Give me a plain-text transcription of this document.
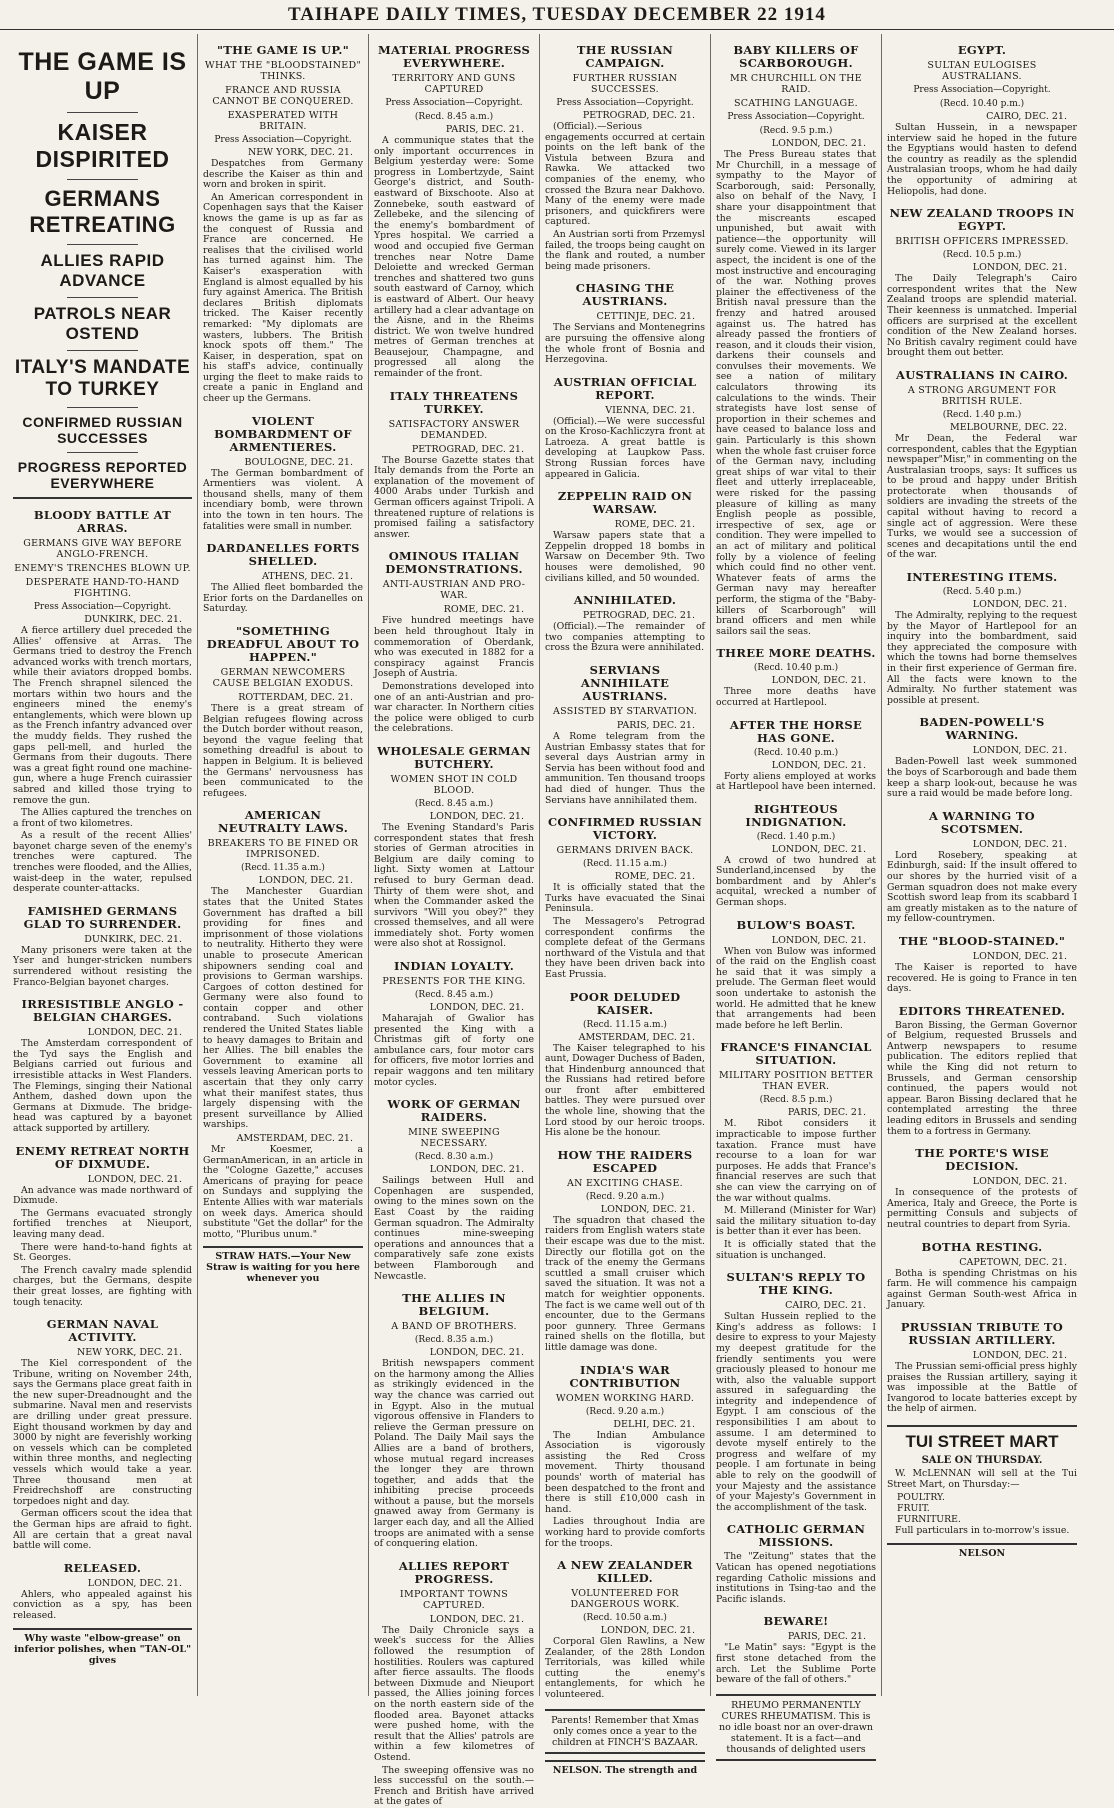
TAIHAPE DAILY TIMES, TUESDAY DECEMBER 22 1914
THE GAME IS UP
KAISER DISPIRITED
GERMANS RETREATING
ALLIES RAPID ADVANCE
PATROLS NEAR OSTEND
ITALY'S MANDATE TO TURKEY
CONFIRMED RUSSIAN SUCCESSES
PROGRESS REPORTED EVERYWHERE
BLOODY BATTLE AT ARRAS.
GERMANS GIVE WAY BEFORE ANGLO-FRENCH.
ENEMY'S TRENCHES BLOWN UP.
DESPERATE HAND-TO-HAND FIGHTING.
Press Association—Copyright.
DUNKIRK, DEC. 21.

A fierce artillery duel preceded the Allies' offensive at Arras. The Germans tried to destroy the French advanced works with trench mortars, while their aviators dropped bombs. The French shrapnel silenced the mortars within two hours and the engineers mined the enemy's entanglements, which were blown up as the French infantry advanced over the muddy fields. They rushed the gaps pell-mell, and hurled the Germans from their dugouts. There was a great fight round one machine-gun, where a huge French cuirassier sabred and killed those trying to remove the gun.

The Allies captured the trenches on a front of two kilometres.

As a result of the recent Allies' bayonet charge seven of the enemy's trenches were captured. The trenches were flooded, and the Allies, waist-deep in the water, repulsed desperate counter-attacks.

FAMISHED GERMANS GLAD TO SURRENDER.
DUNKIRK, DEC. 21.

Many prisoners were taken at the Yser and hunger-stricken numbers surrendered without resisting the Franco-Belgian bayonet charges.

IRRESISTIBLE ANGLO - BELGIAN CHARGES.
LONDON, DEC. 21.

The Amsterdam correspondent of the Tyd says the English and Belgians carried out furious and irresistible attacks in West Flanders. The Flemings, singing their National Anthem, dashed down upon the Germans at Dixmude. The bridge-head was captured by a bayonet attack supported by artillery.

ENEMY RETREAT NORTH OF DIXMUDE.
LONDON, DEC. 21.

An advance was made northward of Dixmude.

The Germans evacuated strongly fortified trenches at Nieuport, leaving many dead.

There were hand-to-hand fights at St. Georges.

The French cavalry made splendid charges, but the Germans, despite their great losses, are fighting with tough tenacity.

GERMAN NAVAL ACTIVITY.
NEW YORK, DEC. 21.

The Kiel correspondent of the Tribune, writing on November 24th, says the Germans place great faith in the new super-Dreadnought and the submarine. Naval men and reservists are drilling under great pressure. Eight thousand workmen by day and 3000 by night are feverishly working on vessels which can be completed within three months, and neglecting vessels which would take a year. Three thousand men at Freidrechshoff are constructing torpedoes night and day.

German officers scout the idea that the German hips are afraid to fight. All are certain that a great naval battle will come.

RELEASED.
LONDON, DEC. 21.

Ahlers, who appealed against his conviction as a spy, has been released.

Why waste "elbow-grease" on inferior polishes, when "TAN-OL" gives
"THE GAME IS UP."
WHAT THE "BLOODSTAINED" THINKS.
FRANCE AND RUSSIA CANNOT BE CONQUERED.
EXASPERATED WITH BRITAIN.
Press Association—Copyright.
NEW YORK, DEC. 21.

Despatches from Germany describe the Kaiser as thin and worn and broken in spirit.

An American correspondent in Copenhagen says that the Kaiser knows the game is up as far as the conquest of Russia and France are concerned. He realises that the civilised world has turned against him. The Kaiser's exasperation with England is almost equalled by his fury against America. The British declares British diplomats tricked. The Kaiser recently remarked: "My diplomats are wasters, lubbers. The British knock spots off them." The Kaiser, in desperation, spat on his staff's advice, continually urging the fleet to make raids to create a panic in England and cheer up the Germans.

VIOLENT BOMBARDMENT OF ARMENTIERES.
BOULOGNE, DEC. 21.

The German bombardment of Armentiers was violent. A thousand shells, many of them incendiary bomb, were thrown into the town in ten hours. The fatalities were small in number.

DARDANELLES FORTS SHELLED.
ATHENS, DEC. 21.

The Allied fleet bombarded the Erior forts on the Dardanelles on Saturday.

"SOMETHING DREADFUL ABOUT TO HAPPEN."
GERMAN NEWCOMERS CAUSE BELGIAN EXODUS.
ROTTERDAM, DEC. 21.

There is a great stream of Belgian refugees flowing across the Dutch border without reason, beyond the vague feeling that something dreadful is about to happen in Belgium. It is believed the Germans' nervousness has been communicated to the refugees.

AMERICAN NEUTRALTY LAWS.
BREAKERS TO BE FINED OR IMPRISONED.
(Recd. 11.35 a.m.)
LONDON, DEC. 21.

The Manchester Guardian states that the United States Government has drafted a bill providing for fines and imprisonment of those violations to neutrality. Hitherto they were unable to prosecute American shipowners sending coal and provisions to German warships. Cargoes of cotton destined for Germany were also found to contain copper and other contraband. Such violations rendered the United States liable to heavy damages to Britain and her Allies. The bill enables the Government to examine all vessels leaving American ports to ascertain that they only carry what their manifest states, thus largely dispensing with the present surveillance by Allied warships.

AMSTERDAM, DEC. 21.

Mr Koesmer, a GermanAmerican, in an article in the "Cologne Gazette," accuses Americans of praying for peace on Sundays and supplying the Entente Allies with war materials on week days. America should substitute "Get the dollar" for the motto, "Pluribus unum."

STRAW HATS.—Your New Straw is waiting for you here whenever you
MATERIAL PROGRESS EVERYWHERE.
TERRITORY AND GUNS CAPTURED
Press Association—Copyright.
(Recd. 8.45 a.m.)
PARIS, DEC. 21.

A communique states that the only important occurrences in Belgium yesterday were: Some progress in Lombertzyde, Saint George's district, and South-eastward of Bixschoote. Also at Zonnebeke, south eastward of Zellebeke, and the silencing of the enemy's bombardment of Ypres hospital. We carried a wood and occupied five German trenches near Notre Dame Deloiette and wrecked German trenches and shattered two guns south eastward of Carnoy, which is eastward of Albert. Our heavy artillery had a clear advantage on the Aisne, and in the Rheims district. We won twelve hundred metres of German trenches at Beausejour, Champagne, and progressed all along the remainder of the front.

ITALY THREATENS TURKEY.
SATISFACTORY ANSWER DEMANDED.
PETROGRAD, DEC. 21.

The Bourse Gazette states that Italy demands from the Porte an explanation of the movement of 4000 Arabs under Turkish and German officers against Tripoli. A threatened rupture of relations is promised failing a satisfactory answer.

OMINOUS ITALIAN DEMONSTRATIONS.
ANTI-AUSTRIAN AND PRO-WAR.
ROME, DEC. 21.

Five hundred meetings have been held throughout Italy in commemoration of Oberdank, who was executed in 1882 for a conspiracy against Francis Joseph of Austria.

Demonstrations developed into one of an anti-Austrian and pro-war character. In Northern cities the police were obliged to curb the celebrations.

WHOLESALE GERMAN BUTCHERY.
WOMEN SHOT IN COLD BLOOD.
(Recd. 8.45 a.m.)
LONDON, DEC. 21.

The Evening Standard's Paris correspondent states that fresh stories of German atrocities in Belgium are daily coming to light. Sixty women at Lattour refused to bury German dead. Thirty of them were shot, and when the Commander asked the survivors "Will you obey?" they crossed themselves, and all were immediately shot. Forty women were also shot at Rossignol.

INDIAN LOYALTY.
PRESENTS FOR THE KING.
(Recd. 8.45 a.m.)
LONDON, DEC. 21.

Maharajah of Gwalior has presented the King with a Christmas gift of forty one ambulance cars, four motor cars for officers, five motor lorries and repair waggons and ten military motor cycles.

WORK OF GERMAN RAIDERS.
MINE SWEEPING NECESSARY.
(Recd. 8.30 a.m.)
LONDON, DEC. 21.

Sailings between Hull and Copenhagen are suspended, owing to the mines sown on the East Coast by the raiding German squadron. The Admiralty continues mine-sweeping operations and announces that a comparatively safe zone exists between Flamborough and Newcastle.

THE ALLIES IN BELGIUM.
A BAND OF BROTHERS.
(Recd. 8.35 a.m.)
LONDON, DEC. 21.

British newspapers comment on the harmony among the Allies as strikingly evidenced in the way the chance was carried out in Egypt. Also in the mutual vigorous offensive in Flanders to relieve the German pressure on Poland. The Daily Mail says the Allies are a band of brothers, whose mutual regard increases the longer they are thrown together, and adds that the inhibiting precise proceeds without a pause, but the morsels gnawed away from Germany is larger each day, and all the Allied troops are animated with a sense of conquering elation.

ALLIES REPORT PROGRESS.
IMPORTANT TOWNS CAPTURED.
LONDON, DEC. 21.

The Daily Chronicle says a week's success for the Allies followed the resumption of hostilities. Roulers was captured after fierce assaults. The floods between Dixmude and Nieuport passed, the Allies joining forces on the north eastern side of the flooded area. Bayonet attacks were pushed home, with the result that the Allies' patrols are within a few kilometres of Ostend.

The sweeping offensive was no less successful on the south.—French and British have arrived at the gates of

THE RUSSIAN CAMPAIGN.
FURTHER RUSSIAN SUCCESSES.
Press Association—Copyright.
PETROGRAD, DEC. 21.

(Official).—Serious engagements occurred at certain points on the left bank of the Vistula between Bzura and Rawka. We attacked two companies of the enemy, who crossed the Bzura near Dakhovo. Many of the enemy were made prisoners, and quickfirers were captured.

An Austrian sorti from Przemysl failed, the troops being caught on the flank and routed, a number being made prisoners.

CHASING THE AUSTRIANS.
CETTINJE, DEC. 21.

The Servians and Montenegrins are pursuing the offensive along the whole front of Bosnia and Herzegovina.

AUSTRIAN OFFICIAL REPORT.
VIENNA, DEC. 21.

(Official).—We were successful on the Kroso-Kachliczyra front at Latroeza. A great battle is developing at Laupkow Pass. Strong Russian forces have appeared in Galicia.

ZEPPELIN RAID ON WARSAW.
ROME, DEC. 21.

Warsaw papers state that a Zeppelin dropped 18 bombs in Warsaw on December 9th. Two houses were demolished, 90 civilians killed, and 50 wounded.

ANNIHILATED.
PETROGRAD, DEC. 21.

(Official).—The remainder of two companies attempting to cross the Bzura were annihilated.

SERVIANS ANNIHILATE AUSTRIANS.
ASSISTED BY STARVATION.
PARIS, DEC. 21.

A Rome telegram from the Austrian Embassy states that for several days Austrian army in Servia has been without food and ammunition. Ten thousand troops had died of hunger. Thus the Servians have annihilated them.

CONFIRMED RUSSIAN VICTORY.
GERMANS DRIVEN BACK.
(Recd. 11.15 a.m.)
ROME, DEC. 21.

It is officially stated that the Turks have evacuated the Sinai Peninsula.

The Messagero's Petrograd correspondent confirms the complete defeat of the Germans northward of the Vistula and that they have been driven back into East Prussia.

POOR DELUDED KAISER.
(Recd. 11.15 a.m.)
AMSTERDAM, DEC. 21.

The Kaiser telegraphed to his aunt, Dowager Duchess of Baden, that Hindenburg announced that the Russians had retired before our front after embittered battles. They were pursued over the whole line, showing that the Lord stood by our heroic troops. His alone be the honour.

HOW THE RAIDERS ESCAPED
AN EXCITING CHASE.
(Recd. 9.20 a.m.)
LONDON, DEC. 21.

The squadron that chased the raiders from English waters state their escape was due to the mist. Directly our flotilla got on the track of the enemy the Germans scuttled a small cruiser which saved the situation. It was not a match for weightier opponents. The fact is we came well out of th encounter, due to the Germans poor gunnery. Three Germans rained shells on the flotilla, but little damage was done.

INDIA'S WAR CONTRIBUTION
WOMEN WORKING HARD.
(Recd. 9.20 a.m.)
DELHI, DEC. 21.

The Indian Ambulance Association is vigorously assisting the Red Cross movement. Thirty thousand pounds' worth of material has been despatched to the front and there is still £10,000 cash in hand.

Ladies throughout India are working hard to provide comforts for the troops.

A NEW ZEALANDER KILLED.
VOLUNTEERED FOR DANGEROUS WORK.
(Recd. 10.50 a.m.)
LONDON, DEC. 21.

Corporal Glen Rawlins, a New Zealander, of the 28th London Territorials, was killed while cutting the enemy's entanglements, for which he volunteered.

Parents! Remember that Xmas only comes once a year to the children at FINCH'S BAZAAR.
NELSON. The strength and
BABY KILLERS OF SCARBOROUGH.
MR CHURCHILL ON THE RAID.
SCATHING LANGUAGE.
Press Association—Copyright.
(Recd. 9.5 p.m.)
LONDON, DEC. 21.

The Press Bureau states that Mr Churchill, in a message of sympathy to the Mayor of Scarborough, said: Personally, also on behalf of the Navy, I share your disappointment that the miscreants escaped unpunished, but await with patience—the opportunity will surely come. Viewed in its larger aspect, the incident is one of the most instructive and encouraging of the war. Nothing proves plainer the effectiveness of the British naval pressure than the frenzy and hatred aroused against us. The hatred has already passed the frontiers of reason, and it clouds their vision, darkens their counsels and convulses their movements. We see a nation of military calculators throwing its calculations to the winds. Their strategists have lost sense of proportion in their schemes and have ceased to balance loss and gain. Particularly is this shown when the whole fast cruiser force of the German navy, including great ships of war vital to their fleet and utterly irreplaceable, were risked for the passing pleasure of killing as many English people as possible, irrespective of sex, age or condition. They were impelled to an act of military and political folly by a violence of feeling which could find no other vent. Whatever feats of arms the German navy may hereafter perform, the stigma of the "Baby-killers of Scarborough" will brand officers and men while sailors sail the seas.

THREE MORE DEATHS.
(Recd. 10.40 p.m.)
LONDON, DEC. 21.

Three more deaths have occurred at Hartlepool.

AFTER THE HORSE HAS GONE.
(Recd. 10.40 p.m.)
LONDON, DEC. 21.

Forty aliens employed at works at Hartlepool have been interned.

RIGHTEOUS INDIGNATION.
(Recd. 1.40 p.m.)
LONDON, DEC. 21.

A crowd of two hundred at Sunderland,incensed by the bombardment and by Ahler's acquital, wrecked a number of German shops.

BULOW'S BOAST.
LONDON, DEC. 21.

When von Bulow was informed of the raid on the English coast he said that it was simply a prelude. The German fleet would soon undertake to astonish the world. He admitted that he knew that arrangements had been made before he left Berlin.

FRANCE'S FINANCIAL SITUATION.
MILITARY POSITION BETTER THAN EVER.
(Recd. 8.5 p.m.)
PARIS, DEC. 21.

M. Ribot considers it impracticable to impose further taxation. France must have recourse to a loan for war purposes. He adds that France's financial reserves are such that she can view the carrying on of the war without qualms.

M. Millerand (Minister for War) said the military situation to-day is better than it ever has been.

It is officially stated that the situation is unchanged.

SULTAN'S REPLY TO THE KING.
CAIRO, DEC. 21.

Sultan Hussein replied to the King's address as follows: I desire to express to your Majesty my deepest gratitude for the friendly sentiments you were graciously pleased to honour me with, also the valuable support assured in safeguarding the integrity and independence of Egypt. I am conscious of the responsibilities I am about to assume. I am determined to devote myself entirely to the progress and welfare of my people. I am fortunate in being able to rely on the goodwill of your Majesty and the assistance of your Majesty's Government in the accomplishment of the task.

CATHOLIC GERMAN MISSIONS.

The "Zeitung" states that the Vatican has opened negotiations regarding Catholic missions and institutions in Tsing-tao and the Pacific islands.

BEWARE!
PARIS, DEC. 21.

"Le Matin" says: "Egypt is the first stone detached from the arch. Let the Sublime Porte beware of the fall of others."

RHEUMO PERMANENTLY CURES RHEUMATISM. This is no idle boast nor an over-drawn statement. It is a fact—and thousands of delighted users
EGYPT.
SULTAN EULOGISES AUSTRALIANS.
Press Association—Copyright.
(Recd. 10.40 p.m.)
CAIRO, DEC. 21.

Sultan Hussein, in a newspaper interview said he hoped in the future the Egyptians would hasten to defend the country as readily as the splendid Australasian troops, whom he had daily the opportunity of admiring at Heliopolis, had done.

NEW ZEALAND TROOPS IN EGYPT.
BRITISH OFFICERS IMPRESSED.
(Recd. 10.5 p.m.)
LONDON, DEC. 21.

The Daily Telegraph's Cairo correspondent writes that the New Zealand troops are splendid material. Their keenness is unmatched. Imperial officers are surprised at the excellent condition of the New Zealand horses. No British cavalry regiment could have brought them out better.

AUSTRALIANS IN CAIRO.
A STRONG ARGUMENT FOR BRITISH RULE.
(Recd. 1.40 p.m.)
MELBOURNE, DEC. 22.

Mr Dean, the Federal war correspondent, cables that the Egyptian newspaper"Misr," in commenting on the Australasian troops, says: It suffices us to be proud and happy under British protectorate when thousands of soldiers are invading the streets of the capital without having to record a single act of aggression. Were these Turks, we would see a succession of scenes and decapitations until the end of the war.

INTERESTING ITEMS.
(Recd. 5.40 p.m.)
LONDON, DEC. 21.

The Admiralty, replying to the request by the Mayor of Hartlepool for an inquiry into the bombardment, said they appreciated the composure with which the towns had borne themselves in their first experience of German fire. All the facts were known to the Admiralty. No further statement was possible at present.

BADEN-POWELL'S WARNING.
LONDON, DEC. 21.

Baden-Powell last week summoned the boys of Scarborough and bade them keep a sharp look-out, because he was sure a raid would be made before long.

A WARNING TO SCOTSMEN.
LONDON, DEC. 21.

Lord Rosebery, speaking at Edinburgh, said: If the insult offered to our shores by the hurried visit of a German squadron does not make every Scottish sword leap from its scabbard I am greatly mistaken as to the nature of my fellow-countrymen.

THE "BLOOD-STAINED."
LONDON, DEC. 21.

The Kaiser is reported to have recovered. He is going to France in ten days.

EDITORS THREATENED.

Baron Bissing, the German Governor of Belgium, requested Brussels and Antwerp newspapers to resume publication. The editors replied that while the King did not return to Brussels, and German censorship continued, the papers would not appear. Baron Bissing declared that he contemplated arresting the three leading editors in Brussels and sending them to a fortress in Germany.

THE PORTE'S WISE DECISION.
LONDON, DEC. 21.

In consequence of the protests of America, Italy and Greece, the Porte is permitting Consuls and subjects of neutral countries to depart from Syria.

BOTHA RESTING.
CAPETOWN, DEC. 21.

Botha is spending Christmas on his farm. He will commence his campaign against German South-west Africa in January.

PRUSSIAN TRIBUTE TO RUSSIAN ARTILLERY.
LONDON, DEC. 21.

The Prussian semi-official press highly praises the Russian artillery, saying it was impossible at the Battle of Ivangorod to locate batteries except by the help of airmen.

TUI STREET MART
SALE ON THURSDAY.

W. McLENNAN will sell at the Tui Street Mart, on Thursday:—

POULTRY.
FRUIT.
FURNITURE.

Full particulars in to-morrow's issue.

NELSON
